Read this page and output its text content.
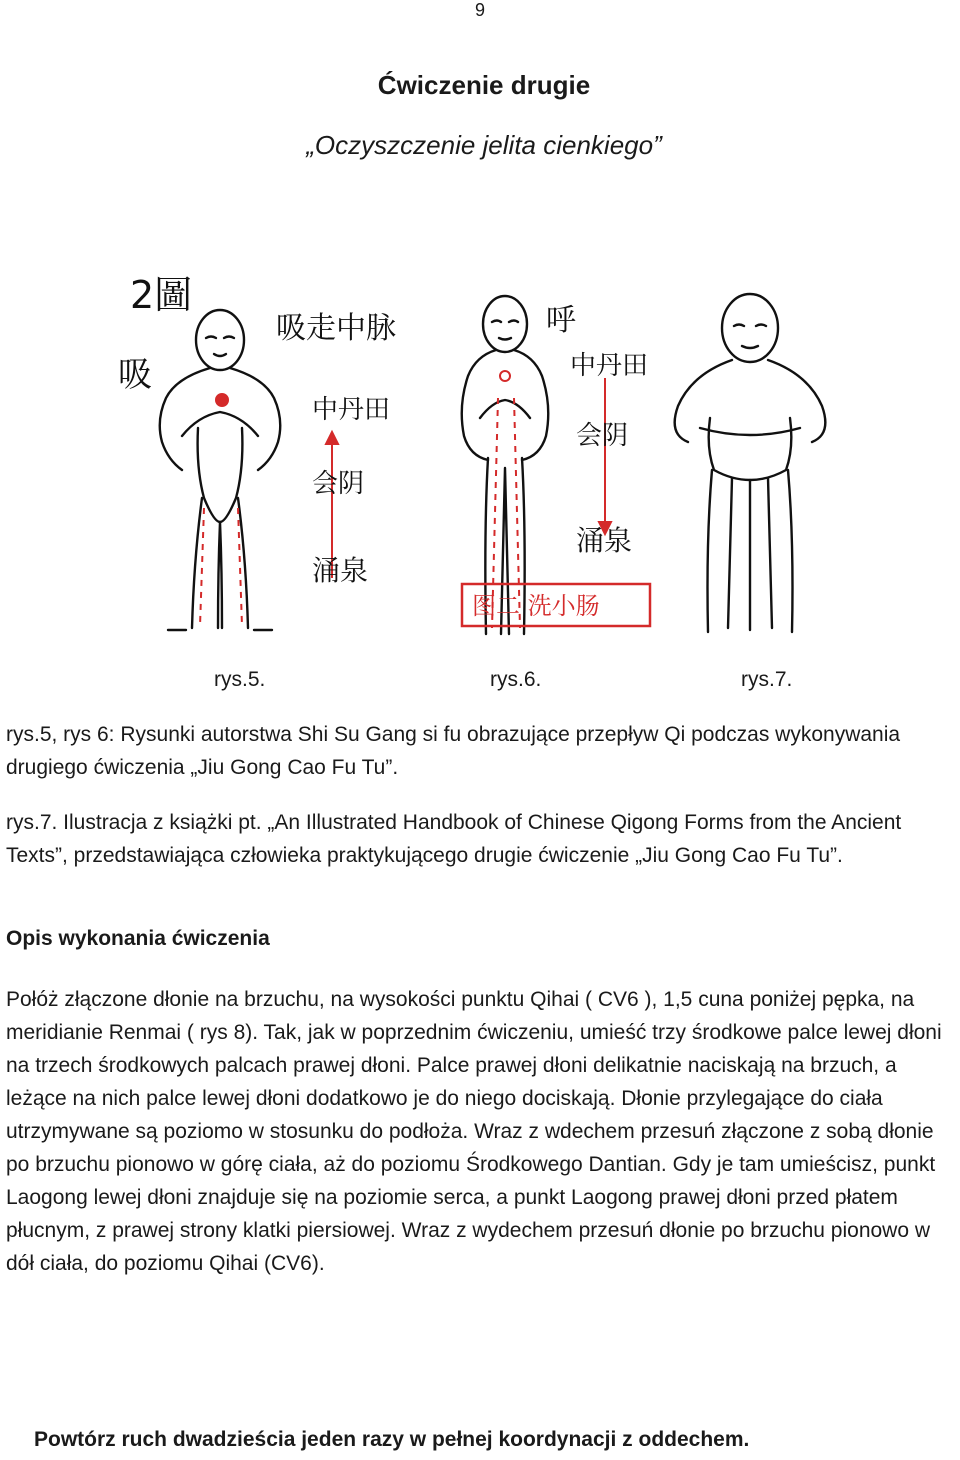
9
Ćwiczenie drugie
„Oczyszczenie jelita cienkiego”
2圖
吸
吸走中脉
中丹田
会阴
涌泉
呼
中丹田
会阴
涌泉
图二 洗小肠
rys.5.	rys.6.	rys.7.

rys.5, rys 6: Rysunki autorstwa Shi Su Gang si fu obrazujące przepływ Qi podczas wykonywania drugiego ćwiczenia „Jiu Gong Cao Fu Tu”.

rys.7. Ilustracja z książki pt. „An Illustrated Handbook of Chinese Qigong Forms from the Ancient Texts”, przedstawiająca człowieka praktykującego drugie ćwiczenie „Jiu Gong Cao Fu Tu”.

Opis wykonania ćwiczenia

Połóż złączone dłonie na brzuchu, na wysokości punktu Qihai ( CV6 ), 1,5 cuna poniżej pępka, na meridianie Renmai ( rys 8). Tak, jak w poprzednim ćwiczeniu, umieść trzy środkowe palce lewej dłoni na trzech środkowych palcach prawej dłoni. Palce prawej dłoni delikatnie naciskają na brzuch, a leżące na nich palce lewej dłoni dodatkowo je do niego dociskają. Dłonie przylegające do ciała utrzymywane są poziomo w stosunku do podłoża. Wraz z wdechem przesuń złączone z sobą dłonie po brzuchu pionowo w górę ciała, aż do poziomu Środkowego Dantian. Gdy je tam umieścisz, punkt Laogong lewej dłoni znajduje się na poziomie serca, a punkt Laogong prawej dłoni przed płatem płucnym, z prawej strony klatki piersiowej. Wraz z wydechem przesuń dłonie po brzuchu pionowo w dół ciała, do poziomu Qihai (CV6).

Powtórz ruch dwadzieścia jeden razy w pełnej koordynacji z oddechem.
